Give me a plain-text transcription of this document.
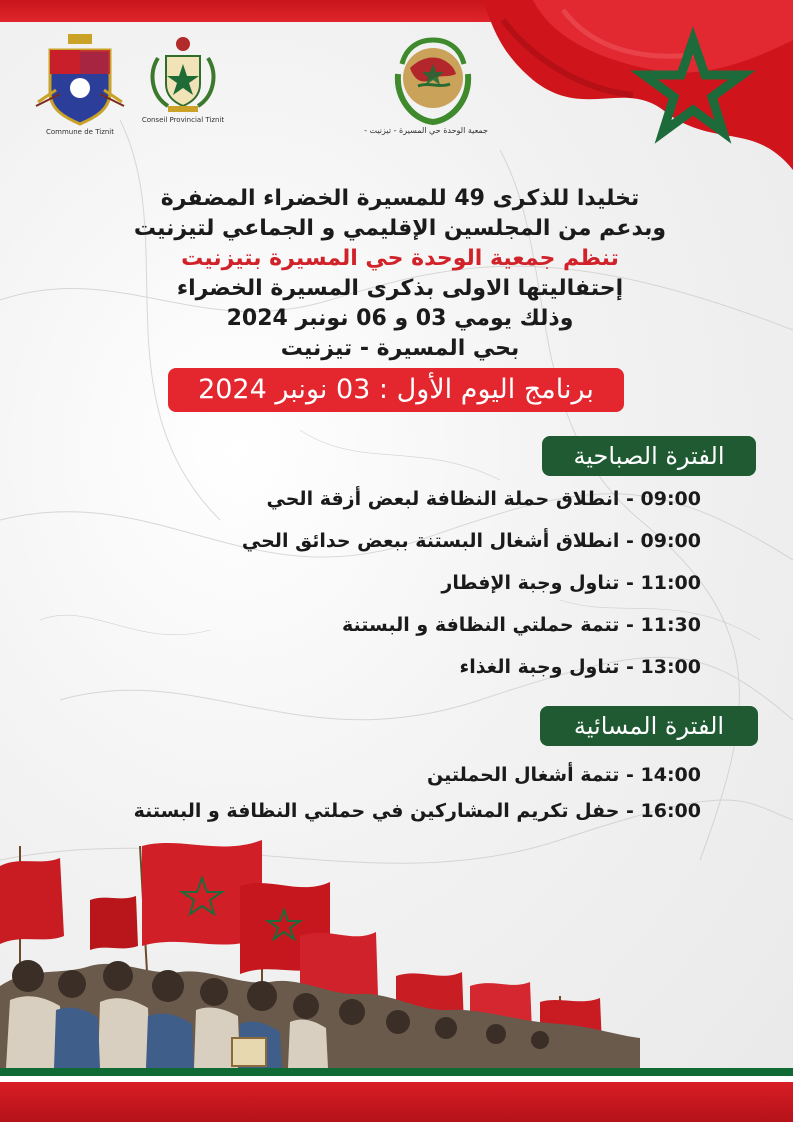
Commune de Tiznit
Conseil Provincial Tiznit
جمعية الوحدة حي المسيرة - تيزنيت -
تخليدا للذكرى 49 للمسيرة الخضراء المضفرة
وبدعم من المجلسين الإقليمي و الجماعي لتيزنيت
تنظم جمعية الوحدة حي المسيرة بتيزنيت
إحتفاليتها الاولى بذكرى المسيرة الخضراء
وذلك يومي 03 و 06 نونبر 2024
بحي المسيرة - تيزنيت
برنامج اليوم الأول : 03 نونبر 2024
الفترة الصباحية
09:00 - انطلاق حملة النظافة لبعض أزقة الحي
09:00 - انطلاق أشغال البستنة ببعض حدائق الحي
11:00 - تناول وجبة الإفطار
11:30 - تتمة حملتي النظافة و البستنة
13:00 - تناول وجبة الغذاء
الفترة المسائية
14:00 - تتمة أشغال الحملتين
16:00 - حفل تكريم المشاركين في حملتي النظافة و البستنة
